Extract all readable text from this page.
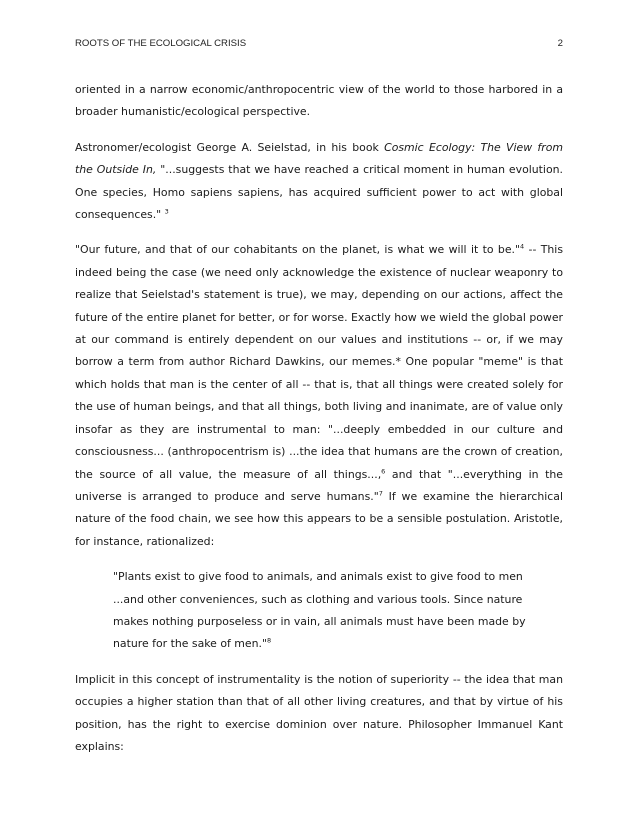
ROOTS OF THE ECOLOGICAL CRISIS	2

oriented in a narrow economic/anthropocentric view of the world to those harbored in a broader humanistic/ecological perspective.

Astronomer/ecologist George A. Seielstad, in his book Cosmic Ecology: The View from the Outside In, "...suggests that we have reached a critical moment in human evolution. One species, Homo sapiens sapiens, has acquired sufficient power to act with global consequences." $^3$

"Our future, and that of our cohabitants on the planet, is what we will it to be."$^4$ -- This indeed being the case (we need only acknowledge the existence of nuclear weaponry to realize that Seielstad's statement is true), we may, depending on our actions, affect the future of the entire planet for better, or for worse. Exactly how we wield the global power at our command is entirely dependent on our values and institutions -- or, if we may borrow a term from author Richard Dawkins, our memes.* One popular "meme" is that which holds that man is the center of all -- that is, that all things were created solely for the use of human beings, and that all things, both living and inanimate, are of value only insofar as they are instrumental to man: "...deeply embedded in our culture and consciousness... (anthropocentrism is) ...the idea that humans are the crown of creation, the source of all value, the measure of all things...,$^6$ and that "...everything in the universe is arranged to produce and serve humans."$^7$ If we examine the hierarchical nature of the food chain, we see how this appears to be a sensible postulation. Aristotle, for instance, rationalized:

"Plants exist to give food to animals, and animals exist to give food to men ...and other conveniences, such as clothing and various tools. Since nature makes nothing purposeless or in vain, all animals must have been made by nature for the sake of men."$^8$

Implicit in this concept of instrumentality is the notion of superiority -- the idea that man occupies a higher station than that of all other living creatures, and that by virtue of his position, has the right to exercise dominion over nature. Philosopher Immanuel Kant explains:
